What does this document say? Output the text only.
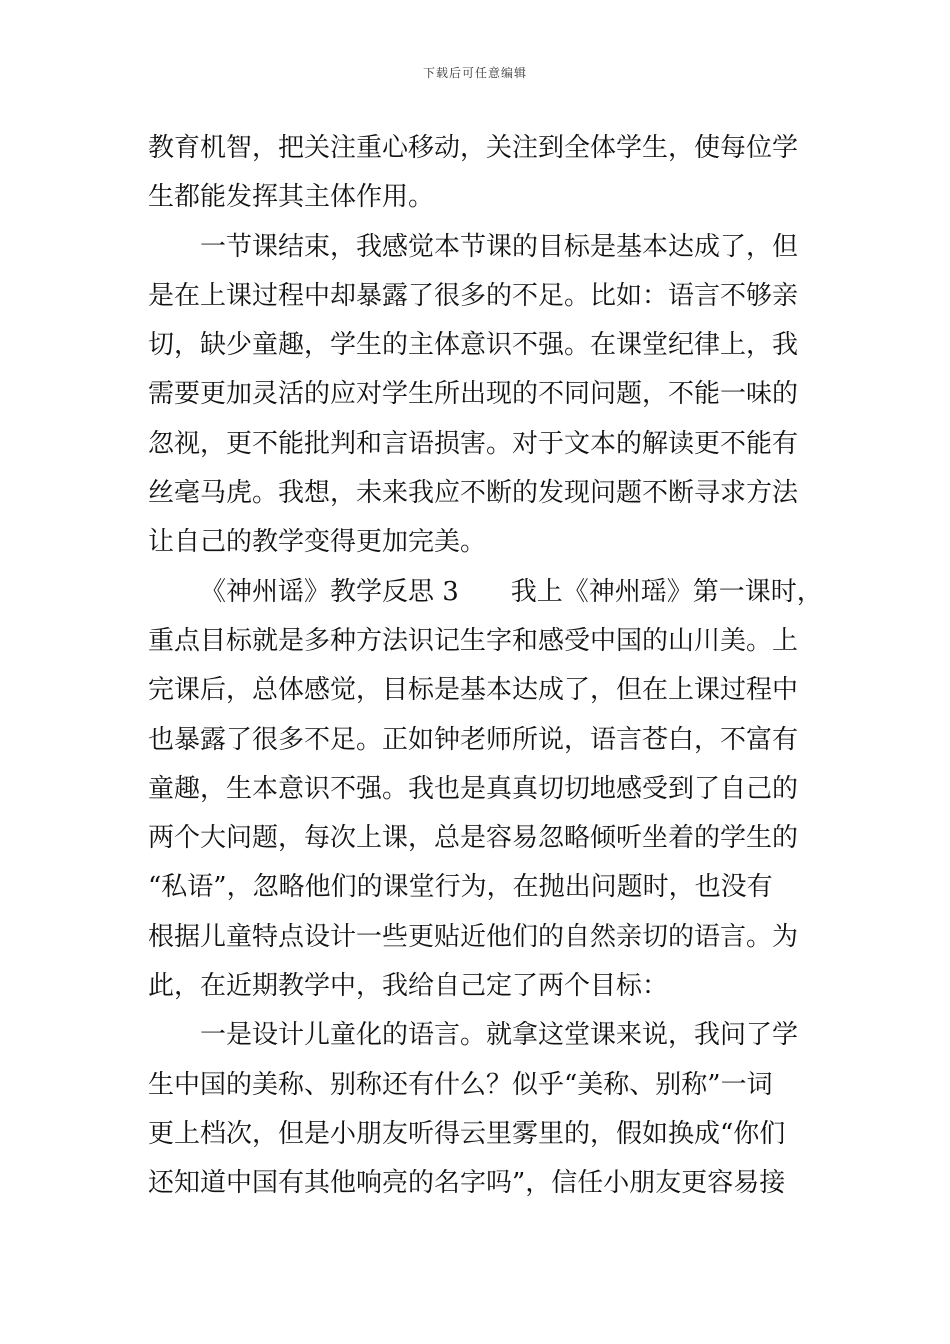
下载后可任意编辑
教育机智，把关注重心移动，关注到全体学生，使每位学
生都能发挥其主体作用。
一节课结束，我感觉本节课的目标是基本达成了，但
是在上课过程中却暴露了很多的不足。比如：语言不够亲
切，缺少童趣，学生的主体意识不强。在课堂纪律上，我
需要更加灵活的应对学生所出现的不同问题，不能一味的
忽视，更不能批判和言语损害。对于文本的解读更不能有
丝毫马虎。我想，未来我应不断的发现问题不断寻求方法
让自己的教学变得更加完美。
《神州谣》教学反思 3　　我上《神州瑶》第一课时，
重点目标就是多种方法识记生字和感受中国的山川美。上
完课后，总体感觉，目标是基本达成了，但在上课过程中
也暴露了很多不足。正如钟老师所说，语言苍白，不富有
童趣，生本意识不强。我也是真真切切地感受到了自己的
两个大问题，每次上课，总是容易忽略倾听坐着的学生的
“私语”，忽略他们的课堂行为，在抛出问题时，也没有
根据儿童特点设计一些更贴近他们的自然亲切的语言。为
此，在近期教学中，我给自己定了两个目标：
一是设计儿童化的语言。就拿这堂课来说，我问了学
生中国的美称、别称还有什么？似乎“美称、别称”一词
更上档次，但是小朋友听得云里雾里的，假如换成“你们
还知道中国有其他响亮的名字吗”，信任小朋友更容易接
